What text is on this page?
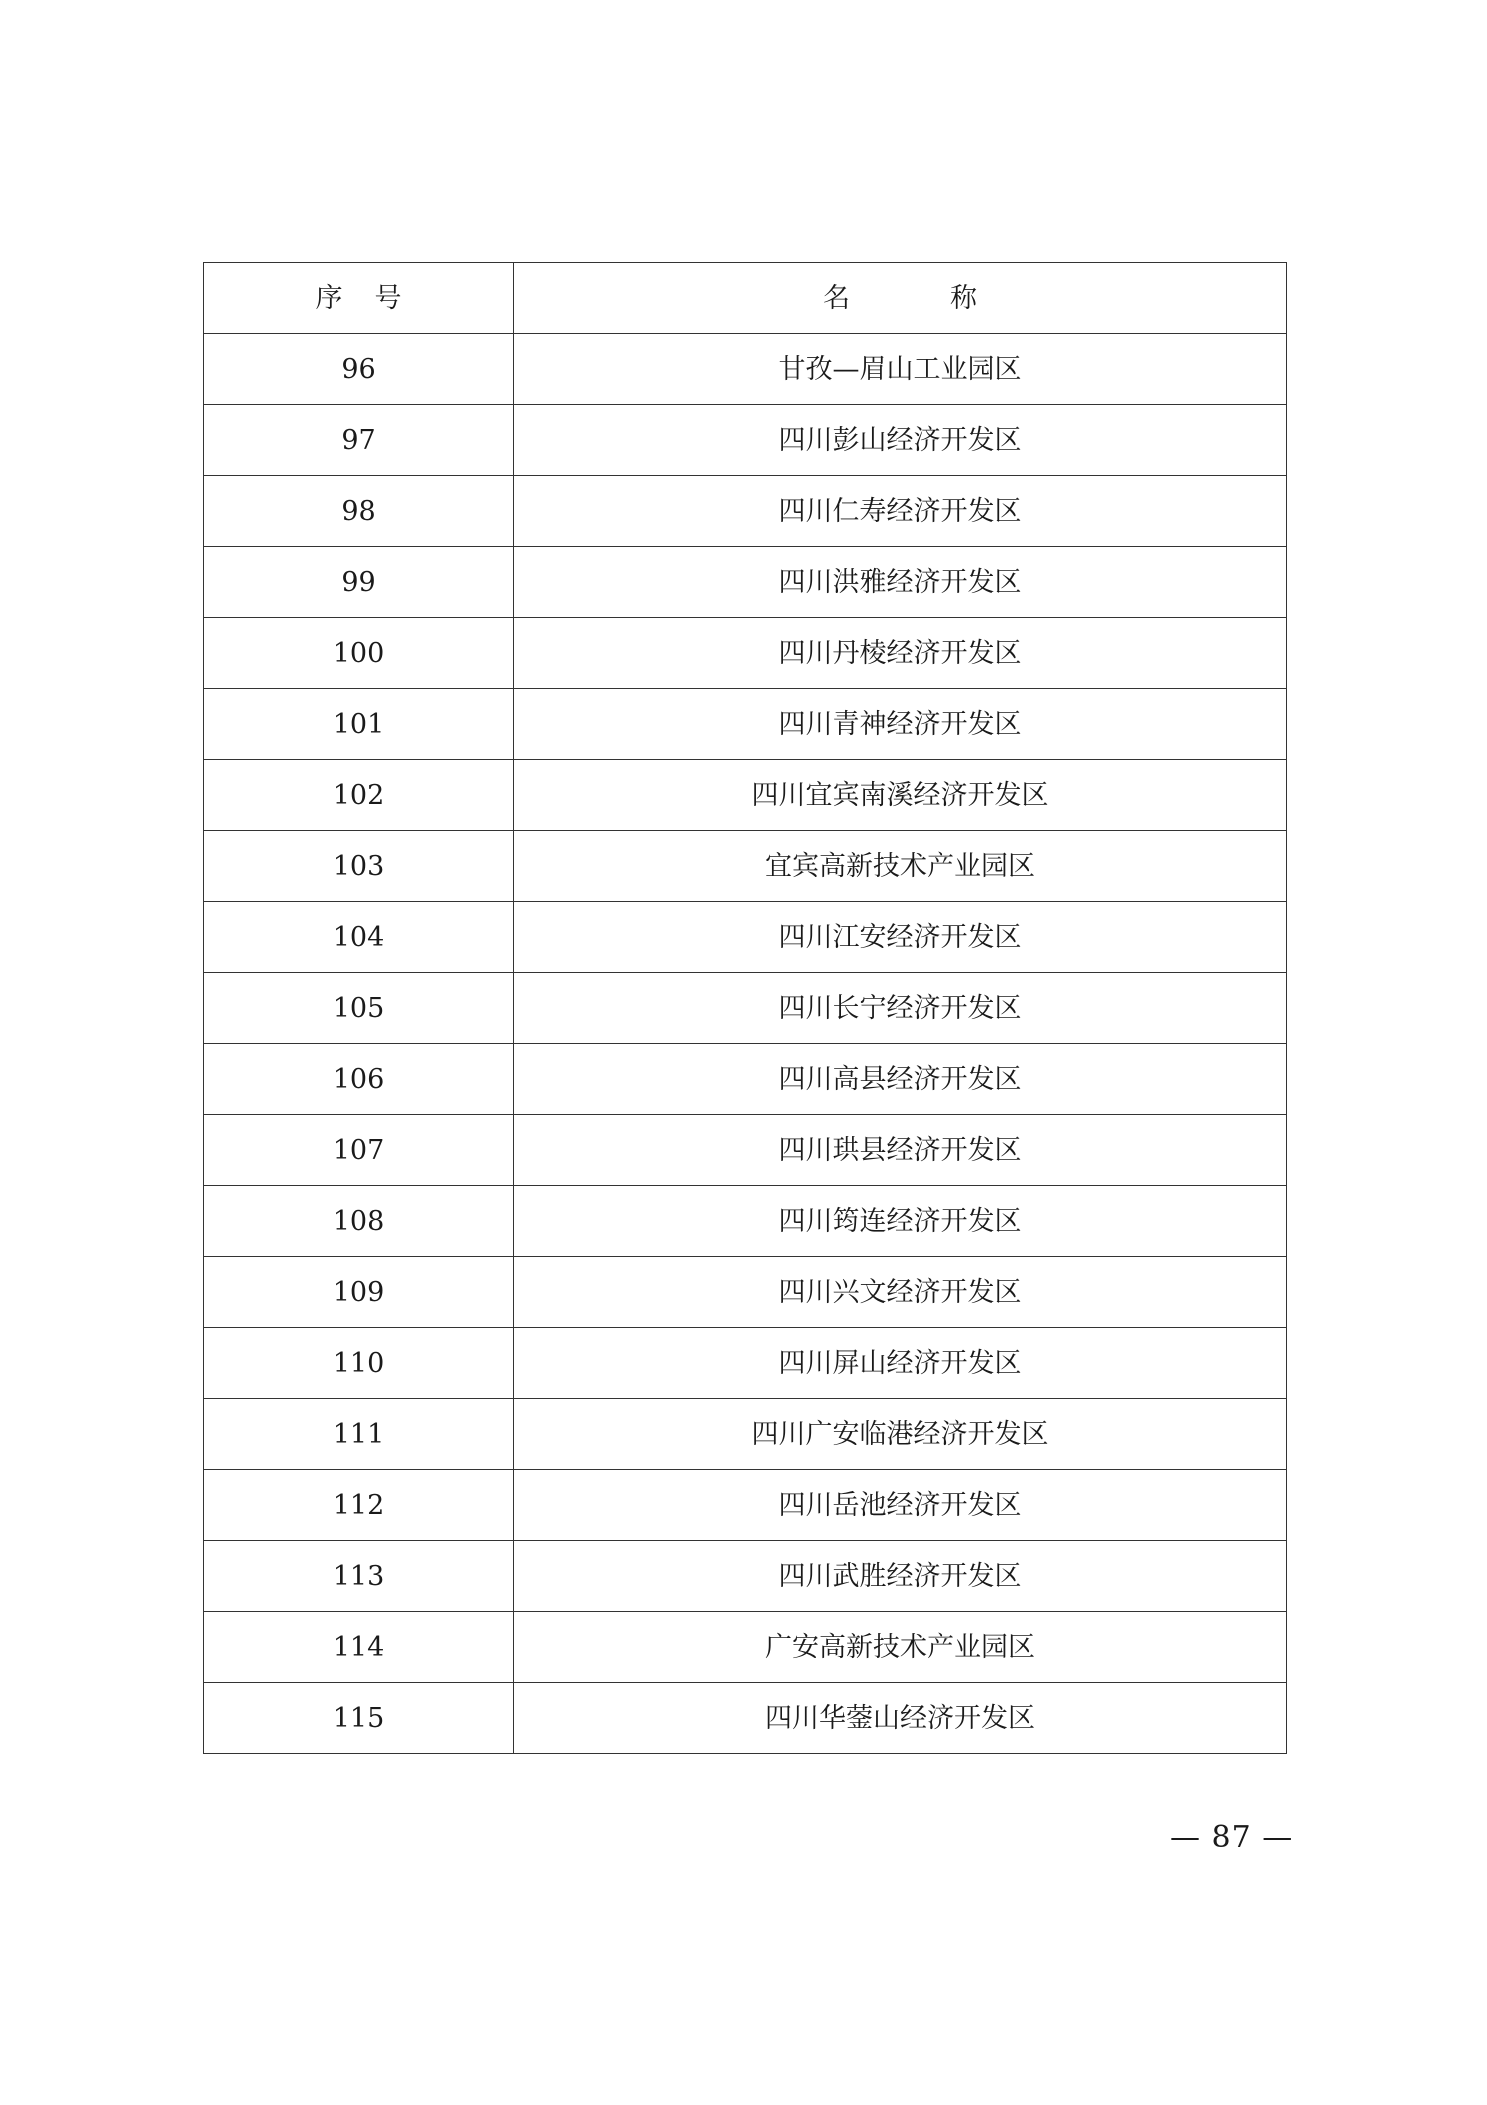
序号	名称
96	甘孜—眉山工业园区
97	四川彭山经济开发区
98	四川仁寿经济开发区
99	四川洪雅经济开发区
100	四川丹棱经济开发区
101	四川青神经济开发区
102	四川宜宾南溪经济开发区
103	宜宾高新技术产业园区
104	四川江安经济开发区
105	四川长宁经济开发区
106	四川高县经济开发区
107	四川珙县经济开发区
108	四川筠连经济开发区
109	四川兴文经济开发区
110	四川屏山经济开发区
111	四川广安临港经济开发区
112	四川岳池经济开发区
113	四川武胜经济开发区
114	广安高新技术产业园区
115	四川华蓥山经济开发区
— 87 —
